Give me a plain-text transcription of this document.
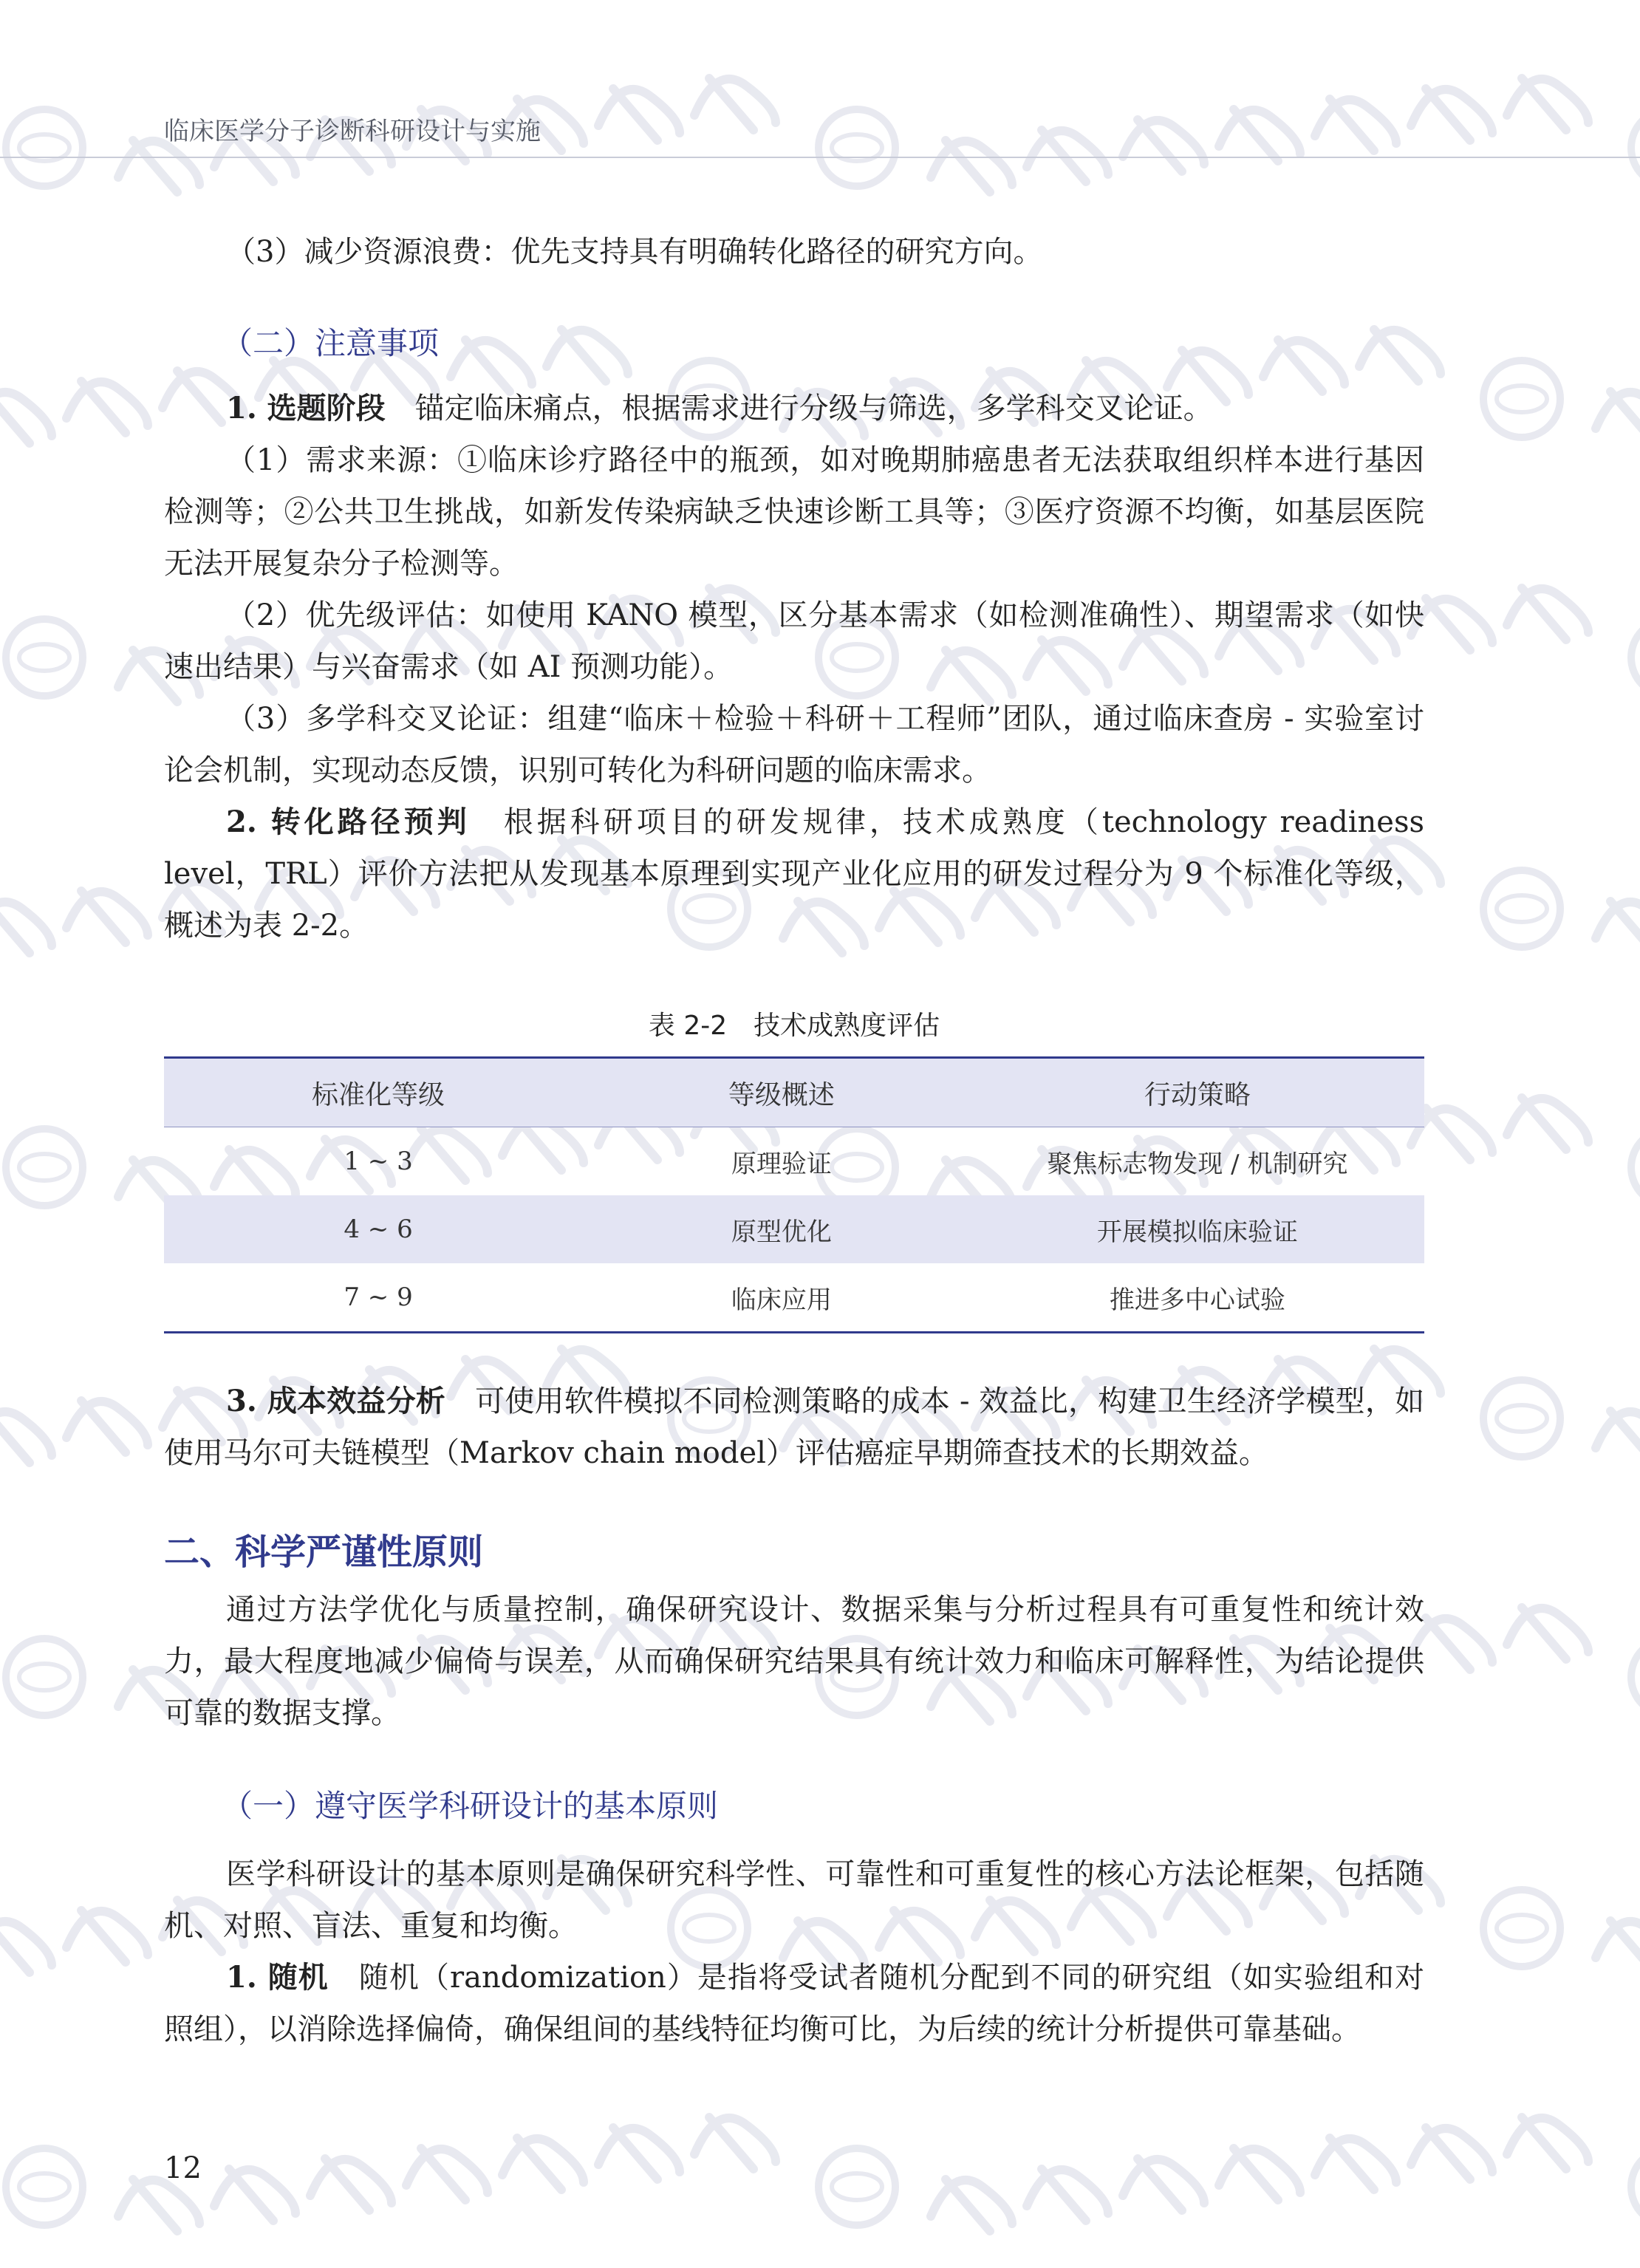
临床医学分子诊断科研设计与实施

（3）减少资源浪费：优先支持具有明确转化路径的研究方向。

（二）注意事项

1. 选题阶段　锚定临床痛点，根据需求进行分级与筛选，多学科交叉论证。

（1）需求来源：①临床诊疗路径中的瓶颈，如对晚期肺癌患者无法获取组织样本进行基因检测等；②公共卫生挑战，如新发传染病缺乏快速诊断工具等；③医疗资源不均衡，如基层医院无法开展复杂分子检测等。

（2）优先级评估：如使用 KANO 模型，区分基本需求（如检测准确性）、期望需求（如快速出结果）与兴奋需求（如 AI 预测功能）。

（3）多学科交叉论证：组建“临床＋检验＋科研＋工程师”团队，通过临床查房 - 实验室讨论会机制，实现动态反馈，识别可转化为科研问题的临床需求。

2. 转化路径预判　根据科研项目的研发规律，技术成熟度（technology readiness level，TRL）评价方法把从发现基本原理到实现产业化应用的研发过程分为 9 个标准化等级，概述为表 2-2。

表 2-2　技术成熟度评估
标准化等级	等级概述	行动策略
1 ~ 3	原理验证	聚焦标志物发现 / 机制研究
4 ~ 6	原型优化	开展模拟临床验证
7 ~ 9	临床应用	推进多中心试验

3. 成本效益分析　可使用软件模拟不同检测策略的成本 - 效益比，构建卫生经济学模型，如使用马尔可夫链模型（Markov chain model）评估癌症早期筛查技术的长期效益。

二、科学严谨性原则

通过方法学优化与质量控制，确保研究设计、数据采集与分析过程具有可重复性和统计效力，最大程度地减少偏倚与误差，从而确保研究结果具有统计效力和临床可解释性，为结论提供可靠的数据支撑。

（一）遵守医学科研设计的基本原则

医学科研设计的基本原则是确保研究科学性、可靠性和可重复性的核心方法论框架，包括随机、对照、盲法、重复和均衡。

1. 随机　随机（randomization）是指将受试者随机分配到不同的研究组（如实验组和对照组），以消除选择偏倚，确保组间的基线特征均衡可比，为后续的统计分析提供可靠基础。

12
